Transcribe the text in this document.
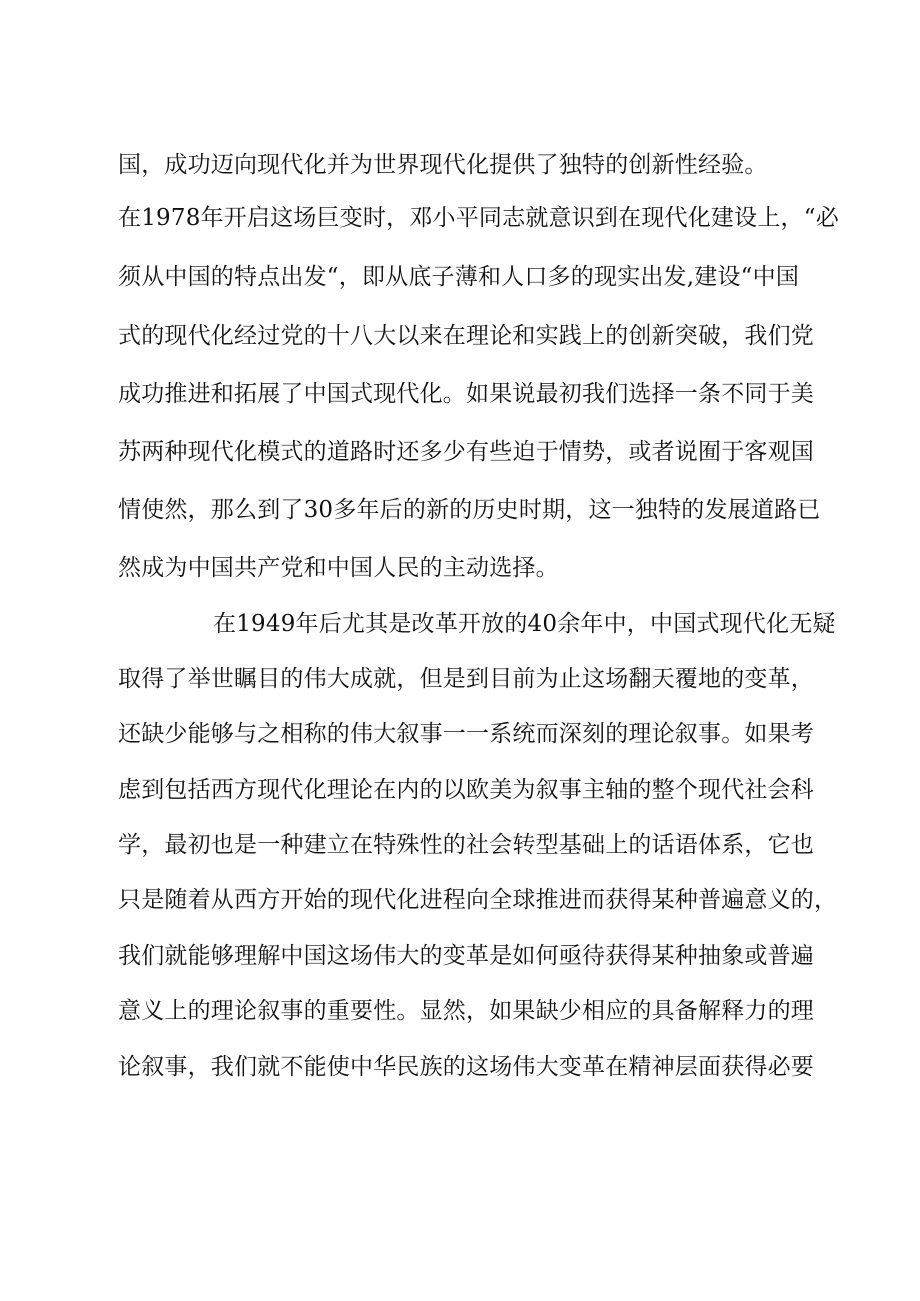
国，成功迈向现代化并为世界现代化提供了独特的创新性经验。
在1978年开启这场巨变时，邓小平同志就意识到在现代化建设上，“必
须从中国的特点出发“，即从底子薄和人口多的现实出发,建设“中国
式的现代化经过党的十八大以来在理论和实践上的创新突破，我们党
成功推进和拓展了中国式现代化。如果说最初我们选择一条不同于美
苏两种现代化模式的道路时还多少有些迫于情势，或者说囿于客观国
情使然，那么到了30多年后的新的历史时期，这一独特的发展道路已
然成为中国共产党和中国人民的主动选择。
在1949年后尤其是改革开放的40余年中，中国式现代化无疑
取得了举世瞩目的伟大成就，但是到目前为止这场翻天覆地的变革，
还缺少能够与之相称的伟大叙事一一系统而深刻的理论叙事。如果考
虑到包括西方现代化理论在内的以欧美为叙事主轴的整个现代社会科
学，最初也是一种建立在特殊性的社会转型基础上的话语体系，它也
只是随着从西方开始的现代化进程向全球推进而获得某种普遍意义的，
我们就能够理解中国这场伟大的变革是如何亟待获得某种抽象或普遍
意义上的理论叙事的重要性。显然，如果缺少相应的具备解释力的理
论叙事，我们就不能使中华民族的这场伟大变革在精神层面获得必要
